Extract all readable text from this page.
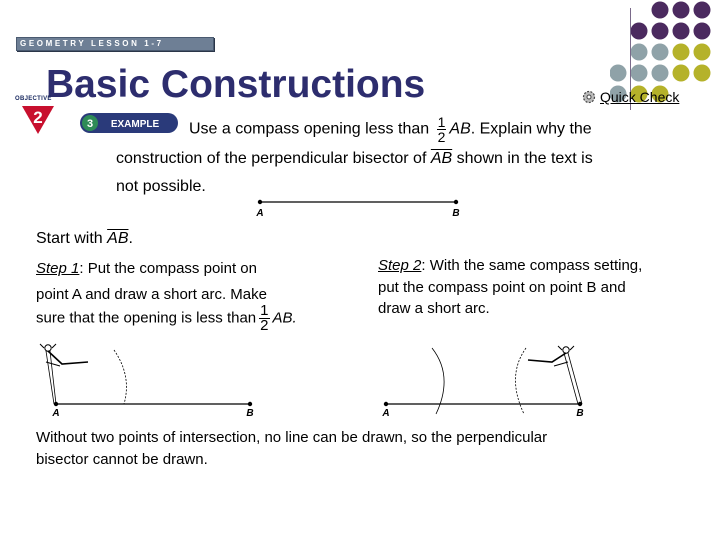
GEOMETRY LESSON 1-7
Basic Constructions
OBJECTIVE
2	3 EXAMPLE
Quick Check
Use a compass opening less than $\frac{1}{2}$ AB. Explain why the
construction of the perpendicular bisector of $\overline{AB}$ shown in the text is
not possible.
A	B
Start with $\overline{AB}$.
Step 1: Put the compass point on
point A and draw a short arc. Make
sure that the opening is less than $\frac{1}{2}$ AB.
Step 2: With the same compass setting,
put the compass point on point B and
draw a short arc.
A	B	A	B
Without two points of intersection, no line can be drawn, so the perpendicular
bisector cannot be drawn.
